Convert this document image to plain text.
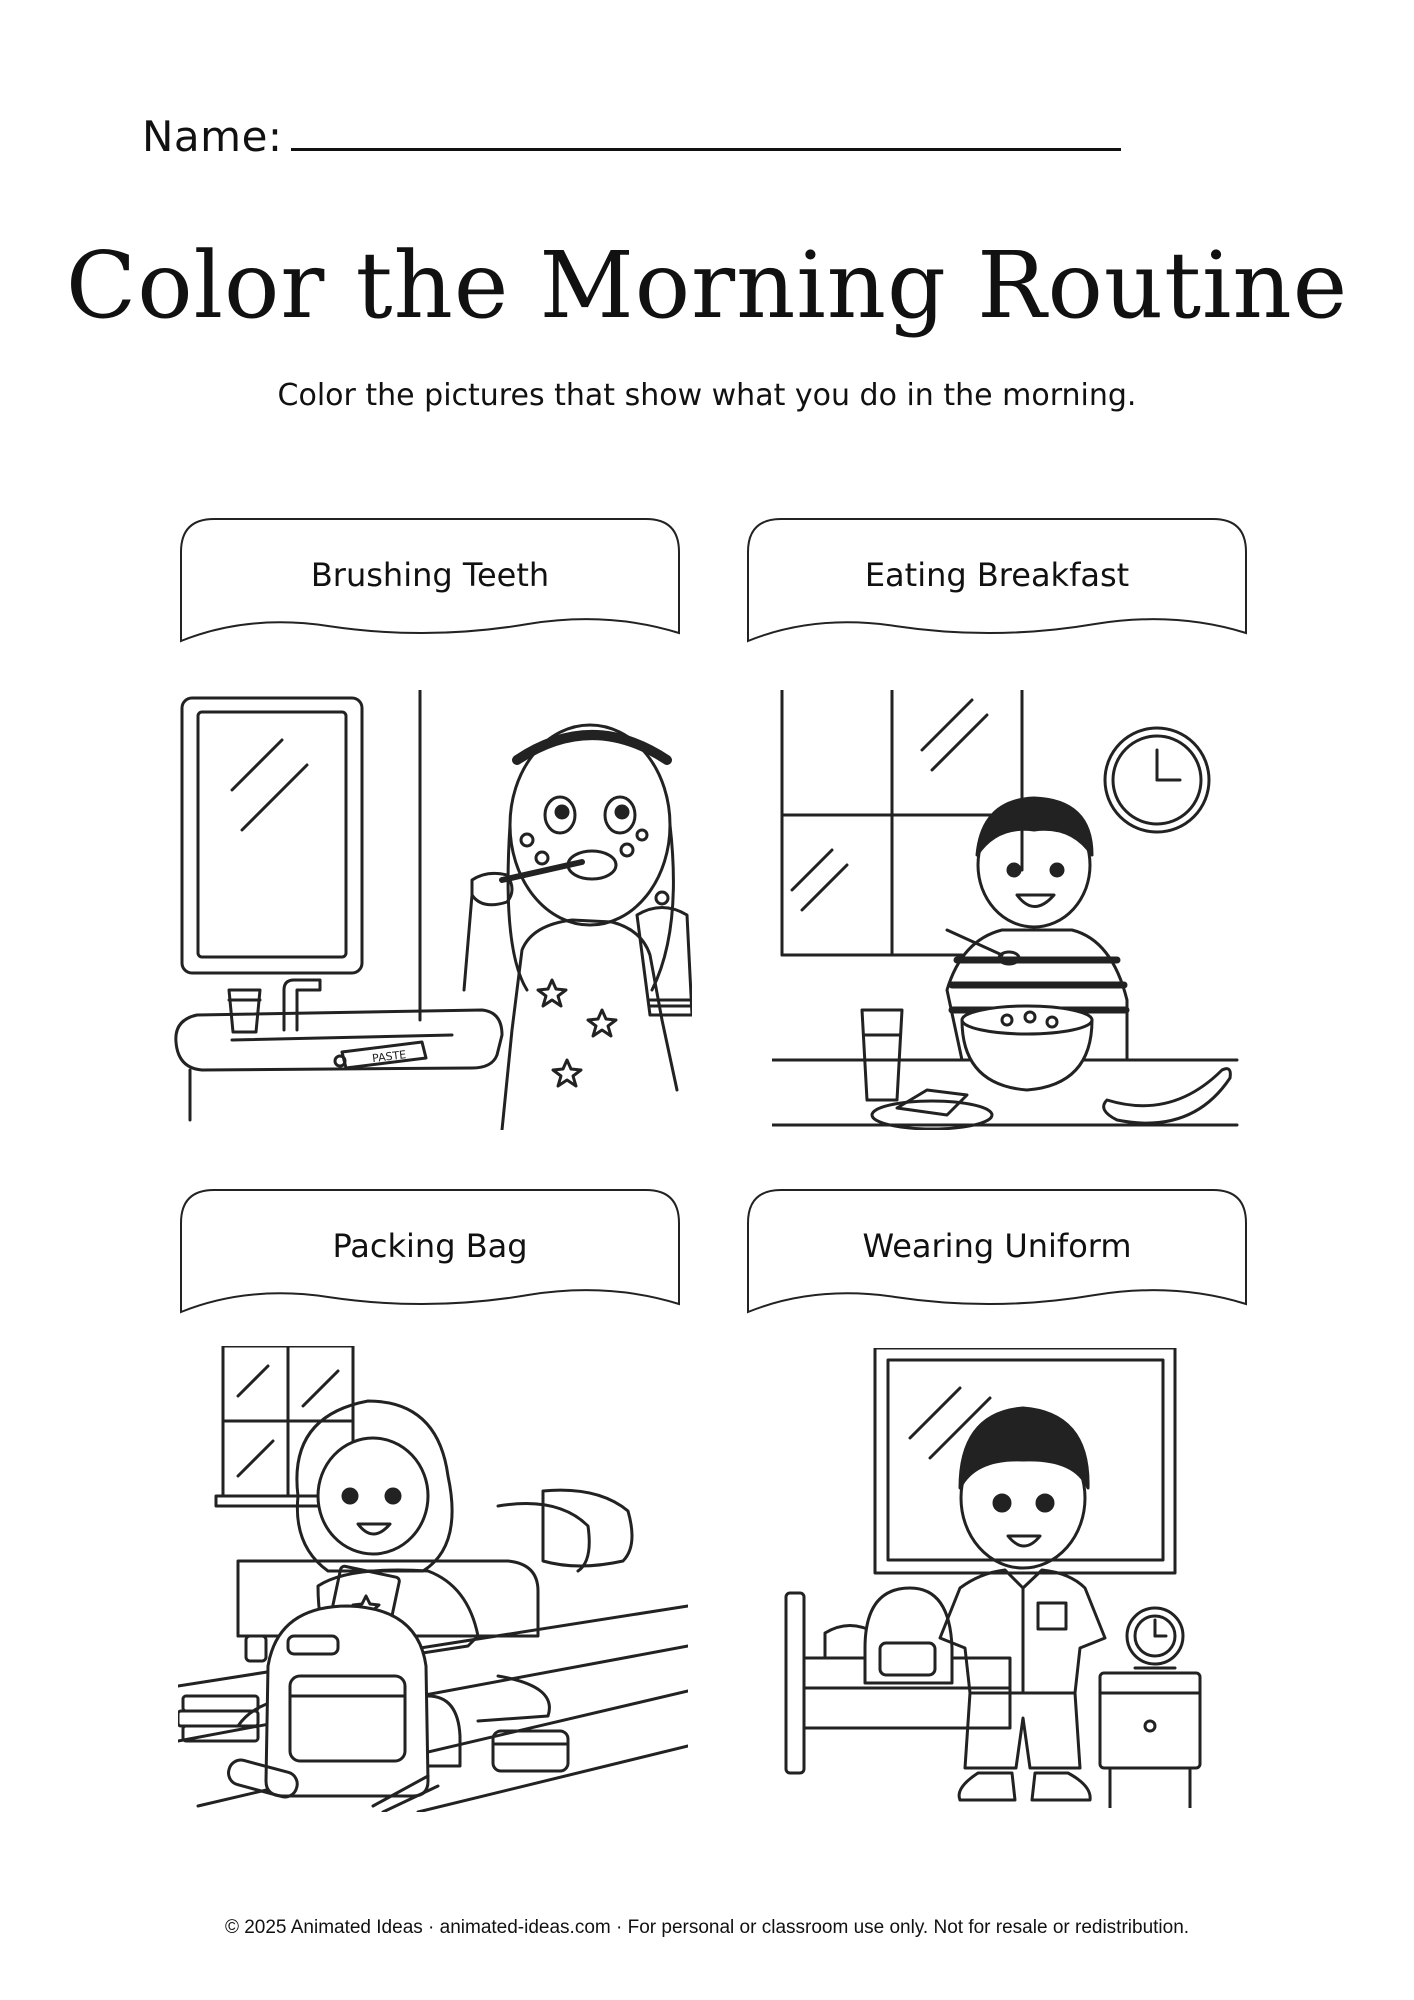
Name:
Color the Morning Routine
Color the pictures that show what you do in the morning.
Brushing Teeth	Eating Breakfast
Packing Bag	Wearing Uniform
PASTE
© 2025 Animated Ideas · animated-ideas.com · For personal or classroom use only. Not for resale or redistribution.
